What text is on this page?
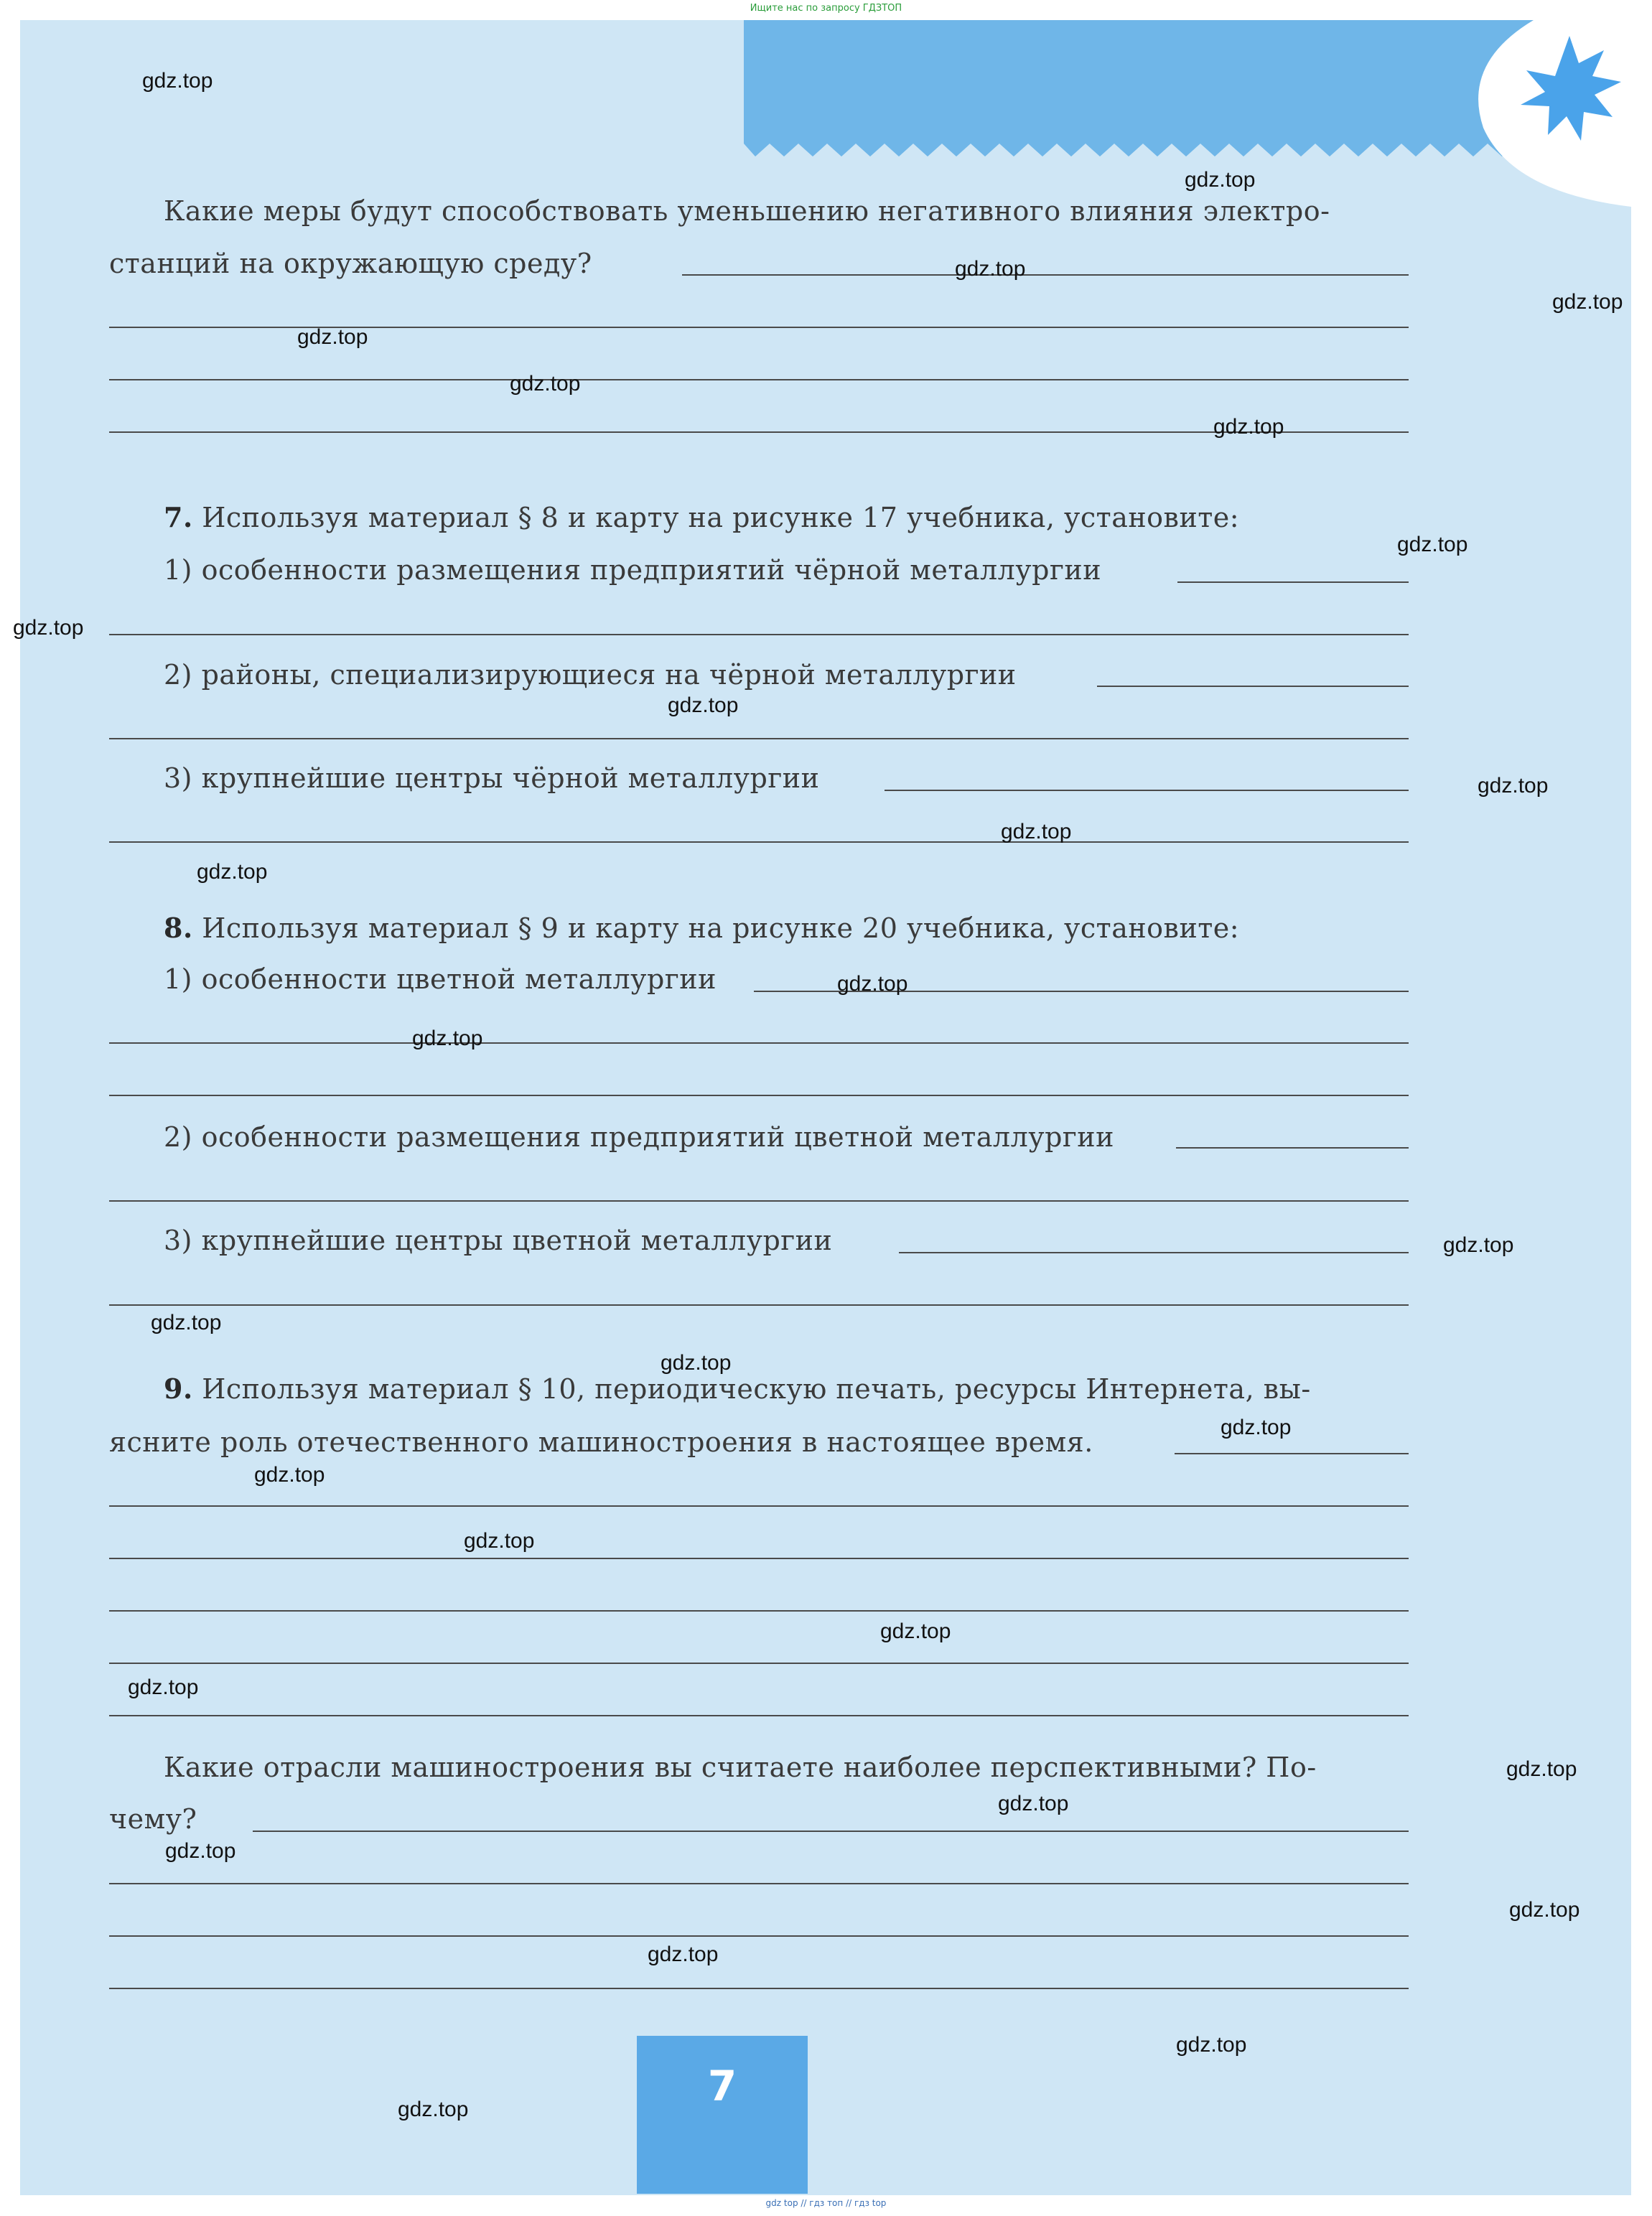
Ищите нас по запросу ГДЗТОП
Какие меры будут способствовать уменьшению негативного влияния электро-
станций на окружающую среду?
7. Используя материал § 8 и карту на рисунке 17 учебника, установите:
1) особенности размещения предприятий чёрной металлургии
2) районы, специализирующиеся на чёрной металлургии
3) крупнейшие центры чёрной металлургии
8. Используя материал § 9 и карту на рисунке 20 учебника, установите:
1) особенности цветной металлургии
2) особенности размещения предприятий цветной металлургии
3) крупнейшие центры цветной металлургии
9. Используя материал § 10, периодическую печать, ресурсы Интернета, вы-
ясните роль отечественного машиностроения в настоящее время.
Какие отрасли машиностроения вы считаете наиболее перспективными? По-
чему?
7
gdz.top
gdz.top
gdz.top
gdz.top
gdz.top
gdz.top
gdz.top
gdz.top
gdz.top
gdz.top
gdz.top
gdz.top
gdz.top
gdz.top
gdz.top
gdz.top
gdz.top
gdz.top
gdz.top
gdz.top
gdz.top
gdz.top
gdz.top
gdz.top
gdz.top
gdz.top
gdz.top
gdz.top
gdz.top
gdz.top
gdz top // гдз топ // гдз top
